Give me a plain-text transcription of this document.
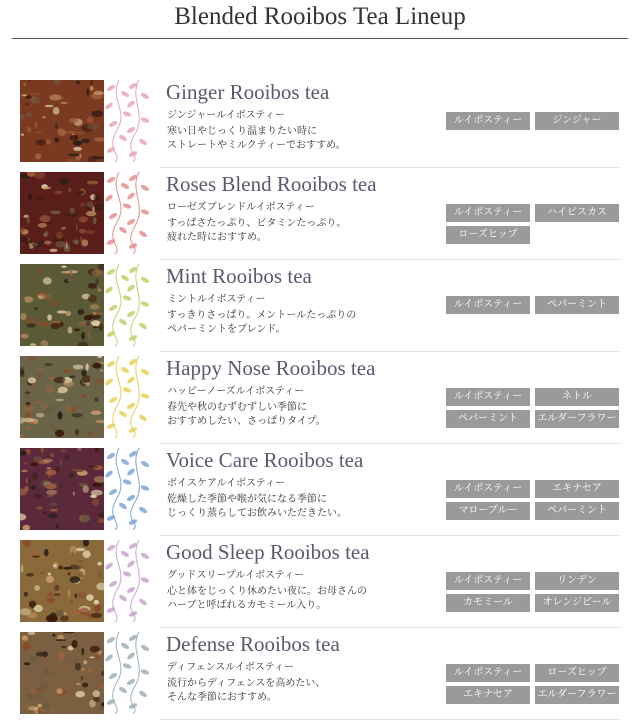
Blended Rooibos Tea Lineup
Ginger Rooibos tea
ジンジャールイボスティー
寒い日やじっくり温まりたい時に
ストレートやミルクティーでおすすめ。
ルイボスティー	ジンジャー
Roses Blend Rooibos tea
ローゼズブレンドルイボスティー
すっぱさたっぷり、ビタミンたっぷり。
疲れた時におすすめ。
ルイボスティー	ハイビスカス
ローズヒップ
Mint Rooibos tea
ミントルイボスティー
すっきりさっぱり。メントールたっぷりの
ペパーミントをブレンド。
ルイボスティー	ペパーミント
Happy Nose Rooibos tea
ハッピーノーズルイボスティー
春先や秋のむずむずしい季節に
おすすめしたい、さっぱりタイプ。
ルイボスティー	ネトル
ペパーミント	エルダーフラワー
Voice Care Rooibos tea
ボイスケアルイボスティー
乾燥した季節や喉が気になる季節に
じっくり蒸らしてお飲みいただきたい。
ルイボスティー	エキナセア
マローブルー	ペパーミント
Good Sleep Rooibos tea
グッドスリープルイボスティー
心と体をじっくり休めたい夜に。お母さんの
ハーブと呼ばれるカモミール入り。
ルイボスティー	リンデン
カモミール	オレンジピール
Defense Rooibos tea
ディフェンスルイボスティー
流行からディフェンスを高めたい、
そんな季節におすすめ。
ルイボスティー	ローズヒップ
エキナセア	エルダーフラワー
